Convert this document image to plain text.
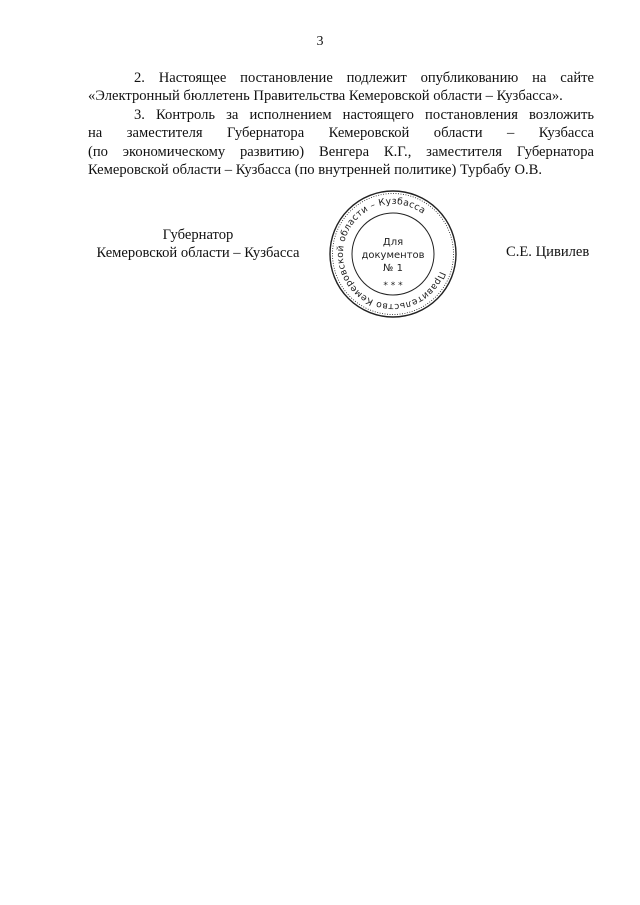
3
2. Настоящее постановление подлежит опубликованию на сайте
«Электронный бюллетень Правительства Кемеровской области – Кузбасса».
3. Контроль за исполнением настоящего постановления возложить
на заместителя Губернатора Кемеровской области – Кузбасса
(по экономическому развитию) Венгера К.Г., заместителя Губернатора
Кемеровской области – Кузбасса (по внутренней политике) Турбабу О.В.
Губернатор
Кемеровской области – Кузбасса
Правительство Кемеровской области – Кузбасса
* * *
Для
документов
№ 1
С.Е. Цивилев
